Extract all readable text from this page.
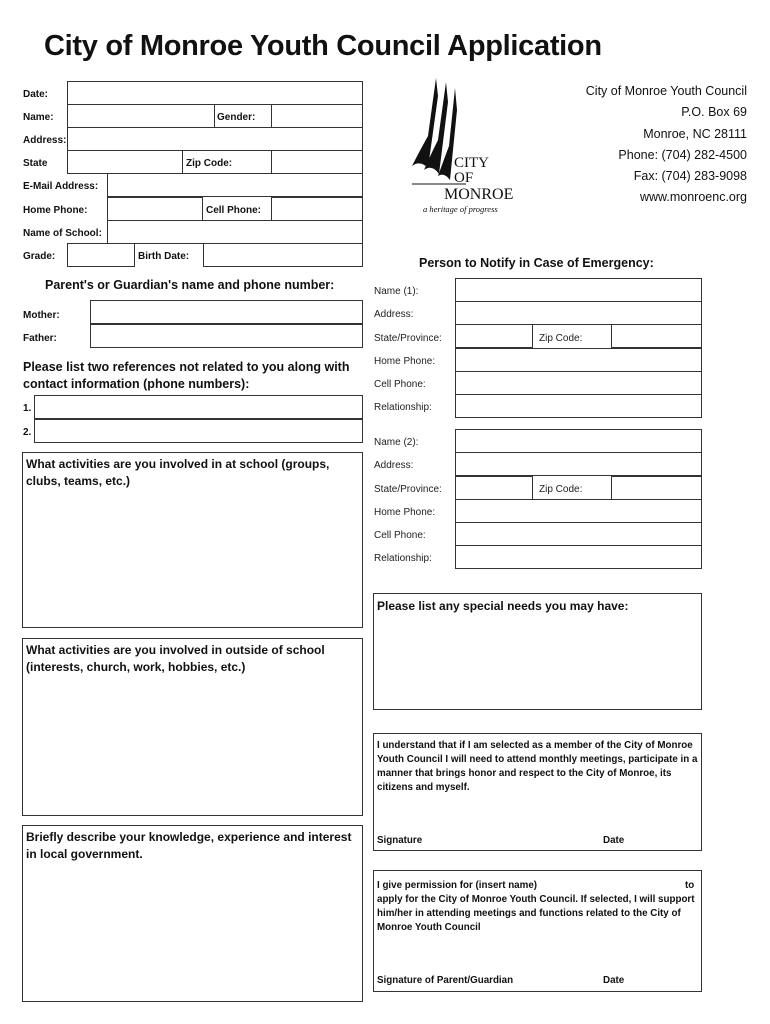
City of Monroe Youth Council Application
Date:
Name:	Gender:
Address:
State	Zip Code:
E-Mail Address:
Home Phone:	Cell Phone:
Name of School:
Grade:	Birth Date:
CITY
OF
MONROE
a heritage of progress
City of Monroe Youth Council
P.O. Box 69
Monroe, NC 28111
Phone: (704) 282-4500
Fax: (704) 283-9098
www.monroenc.org
Parent's or Guardian's name and phone number:
Mother:
Father:
Please list two references not related to you along with contact information (phone numbers):
1.
2.
What activities are you involved in at school (groups, clubs, teams, etc.)
What activities are you involved in outside of school (interests, church, work, hobbies, etc.)
Briefly describe your knowledge, experience and interest in local government.
Person to Notify in Case of Emergency:
Name (1):
Address:
State/Province:	Zip Code:
Home Phone:
Cell Phone:
Relationship:
Name (2):
Address:
State/Province:	Zip Code:
Home Phone:
Cell Phone:
Relationship:
Please list any special needs you may have:
I understand that if I am selected as a member of the City of Monroe Youth Council I will need to attend monthly meetings, participate in a manner that brings honor and respect to the City of Monroe, its citizens and myself.
Signature	Date
I give permission for (insert name)	to
apply for the City of Monroe Youth Council. If selected, I will support him/her in attending meetings and functions related to the City of Monroe Youth Council
Signature of Parent/Guardian	Date
